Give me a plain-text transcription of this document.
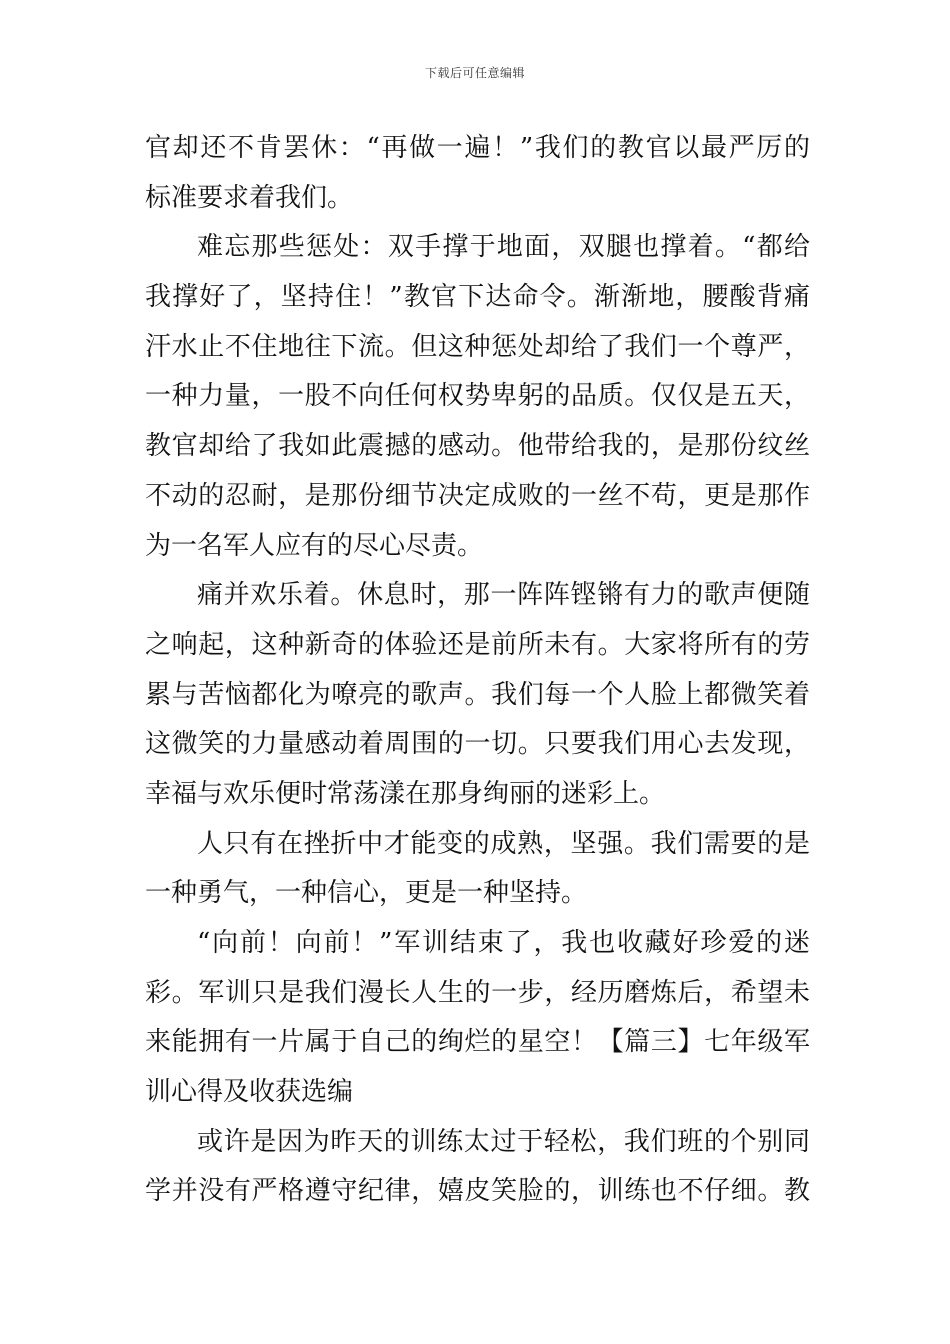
下载后可任意编辑
官却还不肯罢休：“再做一遍！”我们的教官以最严厉的
标准要求着我们。
难忘那些惩处：双手撑于地面，双腿也撑着。“都给
我撑好了，坚持住！”教官下达命令。渐渐地，腰酸背痛
汗水止不住地往下流。但这种惩处却给了我们一个尊严，
一种力量，一股不向任何权势卑躬的品质。仅仅是五天，
教官却给了我如此震撼的感动。他带给我的，是那份纹丝
不动的忍耐，是那份细节决定成败的一丝不苟，更是那作
为一名军人应有的尽心尽责。
痛并欢乐着。休息时，那一阵阵铿锵有力的歌声便随
之响起，这种新奇的体验还是前所未有。大家将所有的劳
累与苦恼都化为嘹亮的歌声。我们每一个人脸上都微笑着
这微笑的力量感动着周围的一切。只要我们用心去发现，
幸福与欢乐便时常荡漾在那身绚丽的迷彩上。
人只有在挫折中才能变的成熟，坚强。我们需要的是
一种勇气，一种信心，更是一种坚持。
“向前！向前！”军训结束了，我也收藏好珍爱的迷
彩。军训只是我们漫长人生的一步，经历磨炼后，希望未
来能拥有一片属于自己的绚烂的星空！【篇三】七年级军
训心得及收获选编
或许是因为昨天的训练太过于轻松，我们班的个别同
学并没有严格遵守纪律，嬉皮笑脸的，训练也不仔细。教
